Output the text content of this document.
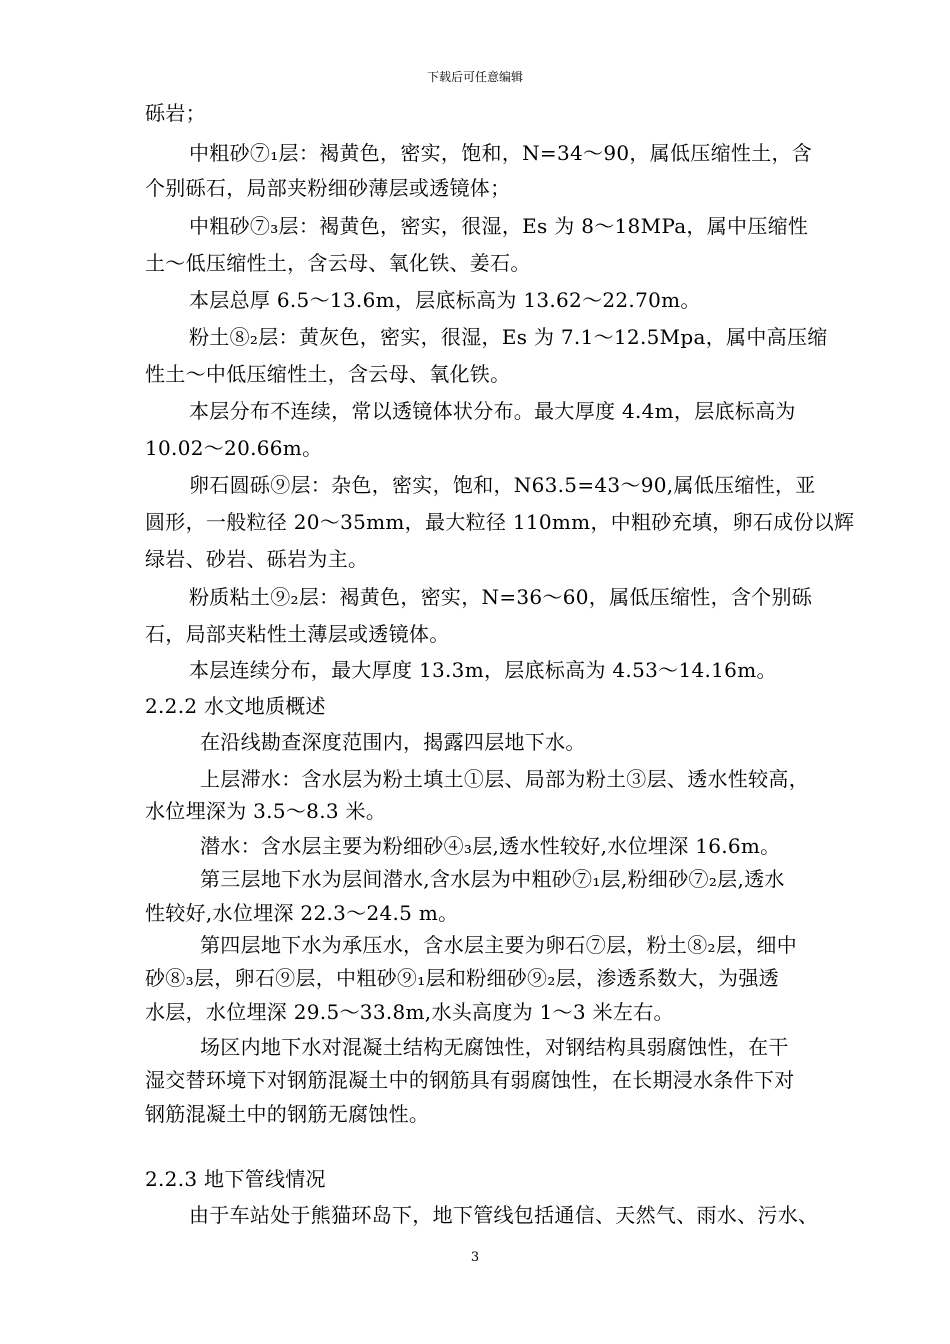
下载后可任意编辑
砾岩；
中粗砂⑦₁层：褐黄色，密实，饱和，N=34～90，属低压缩性土，含
个别砾石，局部夹粉细砂薄层或透镜体；
中粗砂⑦₃层：褐黄色，密实，很湿，Es 为 8～18MPa，属中压缩性
土～低压缩性土，含云母、氧化铁、姜石。
本层总厚 6.5～13.6m，层底标高为 13.62～22.70m。
粉土⑧₂层：黄灰色，密实，很湿，Es 为 7.1～12.5Mpa，属中高压缩
性土～中低压缩性土，含云母、氧化铁。
本层分布不连续，常以透镜体状分布。最大厚度 4.4m，层底标高为
10.02～20.66m。
卵石圆砾⑨层：杂色，密实，饱和，N63.5=43～90,属低压缩性，亚
圆形，一般粒径 20～35mm，最大粒径 110mm，中粗砂充填，卵石成份以辉
绿岩、砂岩、砾岩为主。
粉质粘土⑨₂层：褐黄色，密实，N=36～60，属低压缩性，含个别砾
石，局部夹粘性土薄层或透镜体。
本层连续分布，最大厚度 13.3m，层底标高为 4.53～14.16m。
2.2.2 水文地质概述
在沿线勘查深度范围内，揭露四层地下水。
上层滞水：含水层为粉土填土①层、局部为粉土③层、透水性较高，
水位埋深为 3.5～8.3 米。
潜水：含水层主要为粉细砂④₃层,透水性较好,水位埋深 16.6m。
第三层地下水为层间潜水,含水层为中粗砂⑦₁层,粉细砂⑦₂层,透水
性较好,水位埋深 22.3～24.5 m。
第四层地下水为承压水，含水层主要为卵石⑦层，粉土⑧₂层，细中
砂⑧₃层，卵石⑨层，中粗砂⑨₁层和粉细砂⑨₂层，渗透系数大，为强透
水层，水位埋深 29.5～33.8m,水头高度为 1～3 米左右。
场区内地下水对混凝土结构无腐蚀性，对钢结构具弱腐蚀性，在干
湿交替环境下对钢筋混凝土中的钢筋具有弱腐蚀性，在长期浸水条件下对
钢筋混凝土中的钢筋无腐蚀性。
2.2.3 地下管线情况
由于车站处于熊猫环岛下，地下管线包括通信、天然气、雨水、污水、
3
